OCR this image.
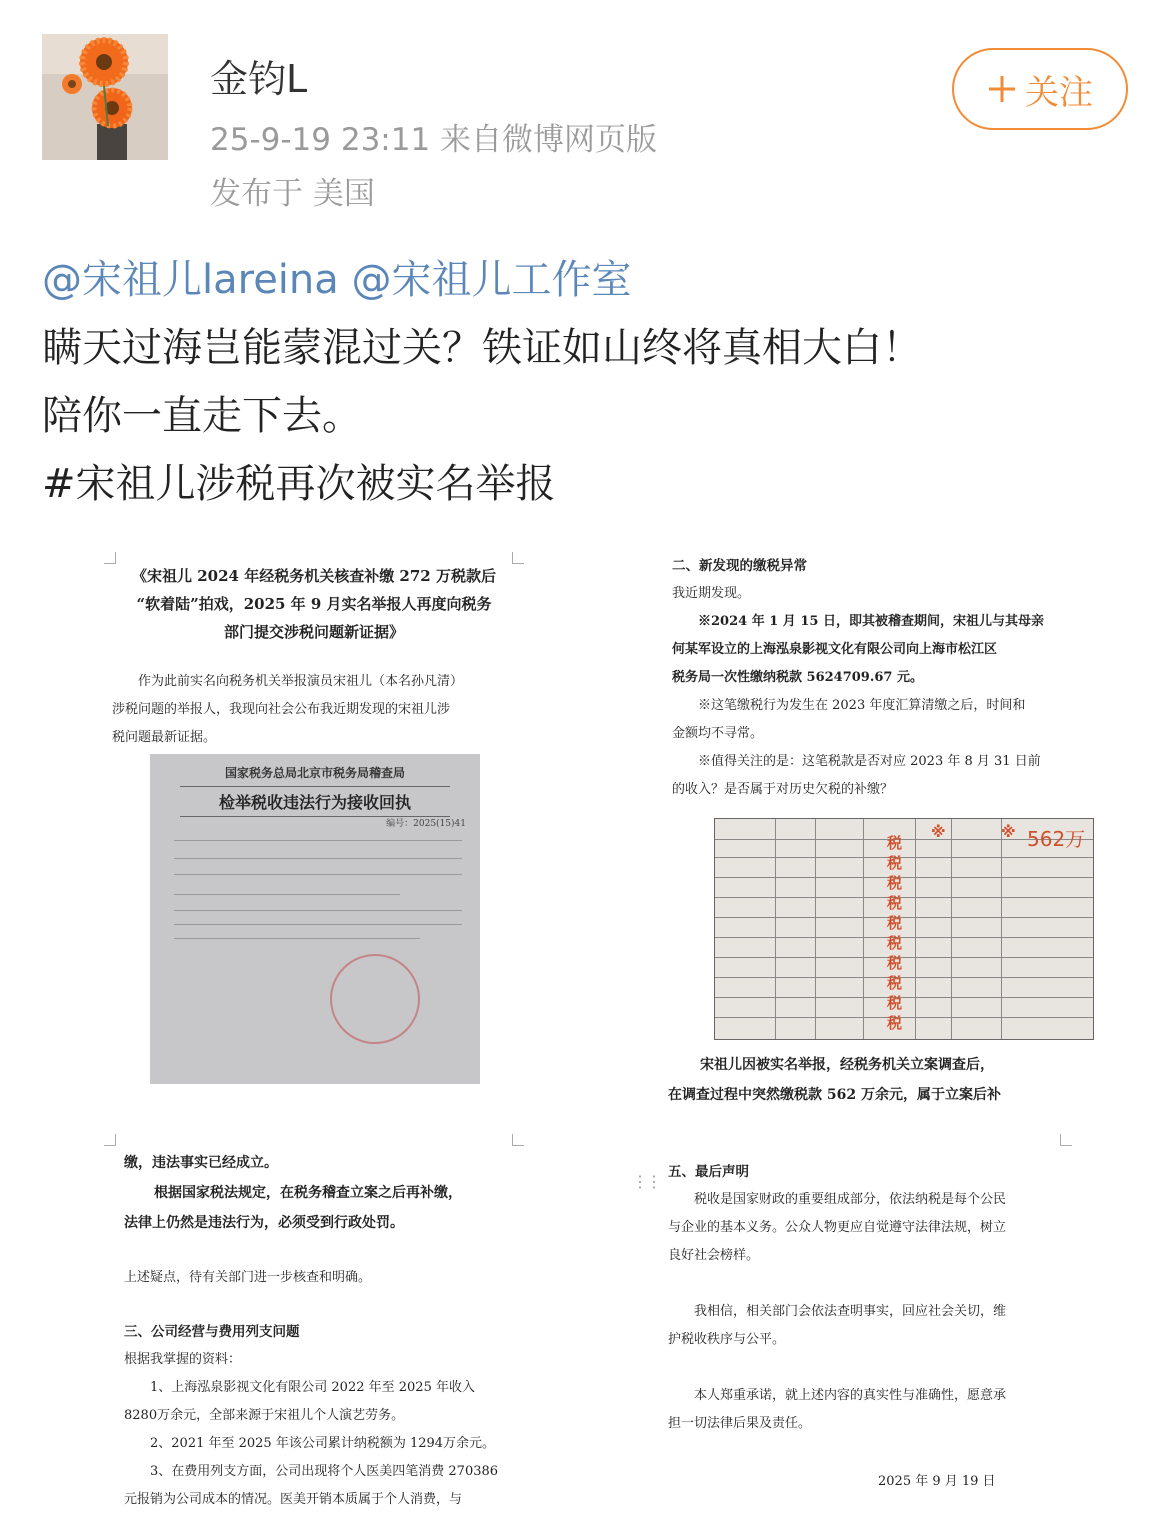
金钧L
25-9-19 23:11 来自微博网页版
发布于 美国
关注
@宋祖儿lareina @宋祖儿工作室
瞒天过海岂能蒙混过关？铁证如山终将真相大白！
陪你一直走下去。
#宋祖儿涉税再次被实名举报
《宋祖儿 2024 年经税务机关核查补缴 272 万税款后
“软着陆”拍戏，2025 年 9 月实名举报人再度向税务
部门提交涉税问题新证据》
作为此前实名向税务机关举报演员宋祖儿（本名孙凡清）
涉税问题的举报人，我现向社会公布我近期发现的宋祖儿涉
税问题最新证据。
国家税务总局北京市税务局稽查局
检举税收违法行为接收回执
编号：2025(15)41
二、新发现的缴税异常
我近期发现。
※2024 年 1 月 15 日，即其被稽查期间，宋祖儿与其母亲
何某军设立的上海泓泉影视文化有限公司向上海市松江区
税务局一次性缴纳税款 5624709.67 元。
※这笔缴税行为发生在 2023 年度汇算清缴之后，时间和
金额均不寻常。
※值得关注的是：这笔税款是否对应 2023 年 8 月 31 日前
的收入？是否属于对历史欠税的补缴？
税
税
税
税
税
税
税
税
税
税
※	※ 562万
宋祖儿因被实名举报，经税务机关立案调查后，
在调查过程中突然缴税款 562 万余元，属于立案后补
缴，违法事实已经成立。
根据国家税法规定，在税务稽查立案之后再补缴，
法律上仍然是违法行为，必须受到行政处罚。
上述疑点，待有关部门进一步核查和明确。
三、公司经营与费用列支问题
根据我掌握的资料：
1、上海泓泉影视文化有限公司 2022 年至 2025 年收入
8280万余元，全部来源于宋祖儿个人演艺劳务。
2、2021 年至 2025 年该公司累计纳税额为 1294万余元。
3、在费用列支方面，公司出现将个人医美四笔消费 270386
元报销为公司成本的情况。医美开销本质属于个人消费，与
⋮⋮ 五、最后声明
税收是国家财政的重要组成部分，依法纳税是每个公民
与企业的基本义务。公众人物更应自觉遵守法律法规，树立
良好社会榜样。
我相信，相关部门会依法查明事实，回应社会关切，维
护税收秩序与公平。
本人郑重承诺，就上述内容的真实性与准确性，愿意承
担一切法律后果及责任。
2025 年 9 月 19 日
